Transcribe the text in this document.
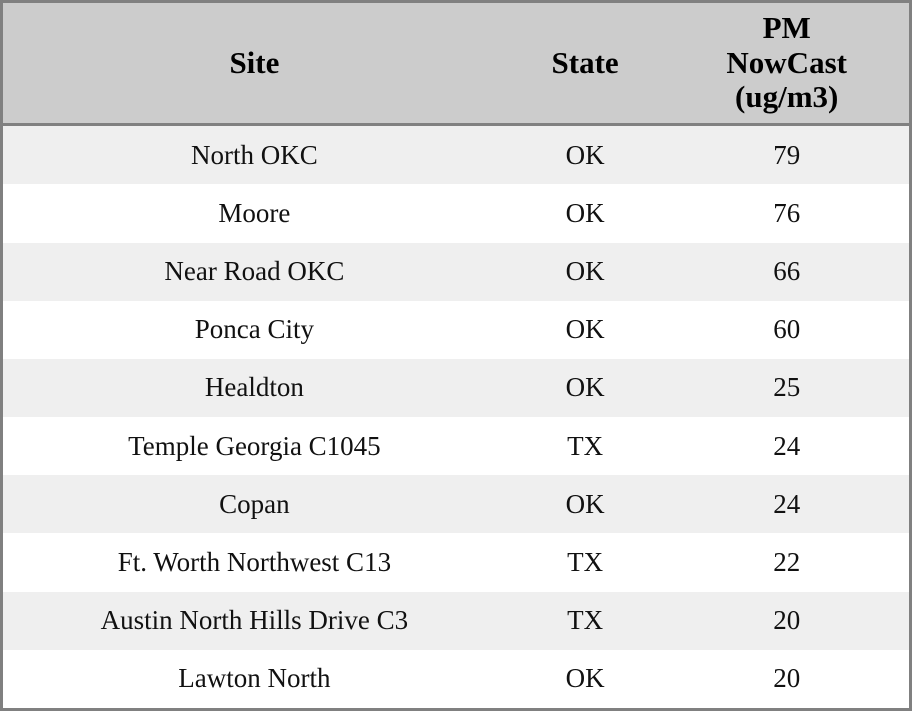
Site	State	PM
NowCast
(ug/m3)

North OKC	OK	79
Moore	OK	76
Near Road OKC	OK	66
Ponca City	OK	60
Healdton	OK	25
Temple Georgia C1045	TX	24
Copan	OK	24
Ft. Worth Northwest C13	TX	22
Austin North Hills Drive C3	TX	20
Lawton North	OK	20
